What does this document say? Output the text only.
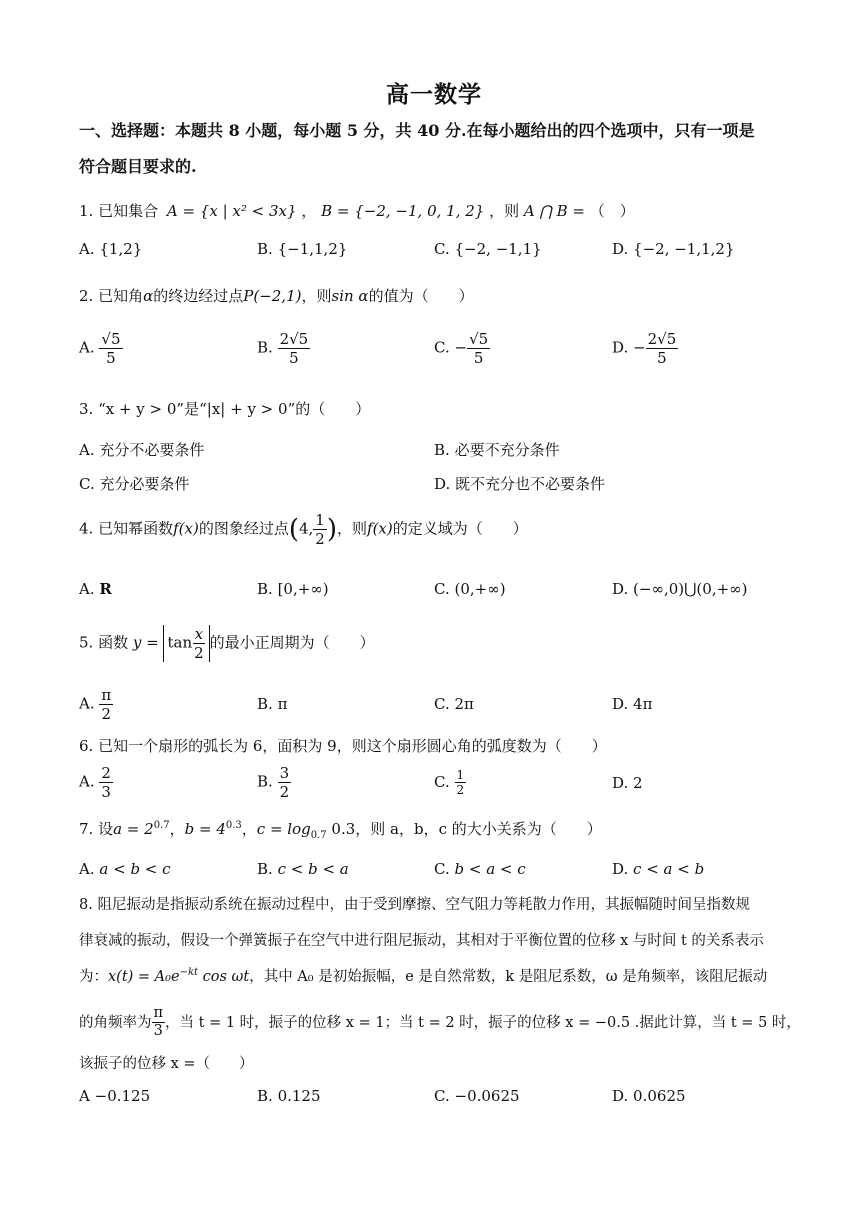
高一数学
一、选择题：本题共 8 小题，每小题 5 分，共 40 分.在每小题给出的四个选项中，只有一项是
符合题目要求的.
1. 已知集合 A = {x | x² < 3x} ， B = {−2, −1, 0, 1, 2} ，则 A ⋂ B = （　）
A. {1,2}	B. {−1,1,2}	C. {−2, −1,1}	D. {−2, −1,1,2}
2. 已知角α的终边经过点P(−2,1)，则sin α的值为（　　）
A. $\frac{√5}{5}$	B. $\frac{2√5}{5}$	C. − $\frac{√5}{5}$	D. − $\frac{2√5}{5}$
3. “x + y > 0”是“|x| + y > 0”的（　　）
A. 充分不必要条件	B. 必要不充分条件
C. 充分必要条件	D. 既不充分也不必要条件
4. 已知幂函数f(x)的图象经过点(4, $\frac{1}{2}$ )，则f(x)的定义域为（　　）
A. R	B. [0,+∞)	C. (0,+∞)	D. (−∞,0)⋃(0,+∞)
5. 函数 $y = \tan \frac{x}{2}$ 的最小正周期为（　　）
A. $\frac{\pi}{2}$	B. π	C. 2π	D. 4π
6. 已知一个扇形的弧长为 6，面积为 9，则这个扇形圆心角的弧度数为（　　）
A. $\frac{2}{3}$	B. $\frac{3}{2}$	C. $\frac{1}{2}$	D. 2
7. 设$a = 2^{0.7}$，$b = 4^{0.3}$，$c = \log_{0.7} 0.3$，则 a，b，c 的大小关系为（　　）
A. a < b < c	B. c < b < a	C. b < a < c	D. c < a < b
8. 阻尼振动是指振动系统在振动过程中，由于受到摩擦、空气阻力等耗散力作用，其振幅随时间呈指数规
律衰减的振动，假设一个弹簧振子在空气中进行阻尼振动，其相对于平衡位置的位移 x 与时间 t 的关系表示
为：$x(t) = A_0e^{-kt}$ cos ωt，其中 A₀ 是初始振幅，e 是自然常数，k 是阻尼系数，ω 是角频率，该阻尼振动
的角频率为 $\frac{\pi}{3}$ ，当 t = 1 时，振子的位移 x = 1；当 t = 2 时，振子的位移 x = −0.5 .据此计算，当 t = 5 时，
该振子的位移 x =（　　）
A −0.125	B. 0.125	C. −0.0625	D. 0.0625
